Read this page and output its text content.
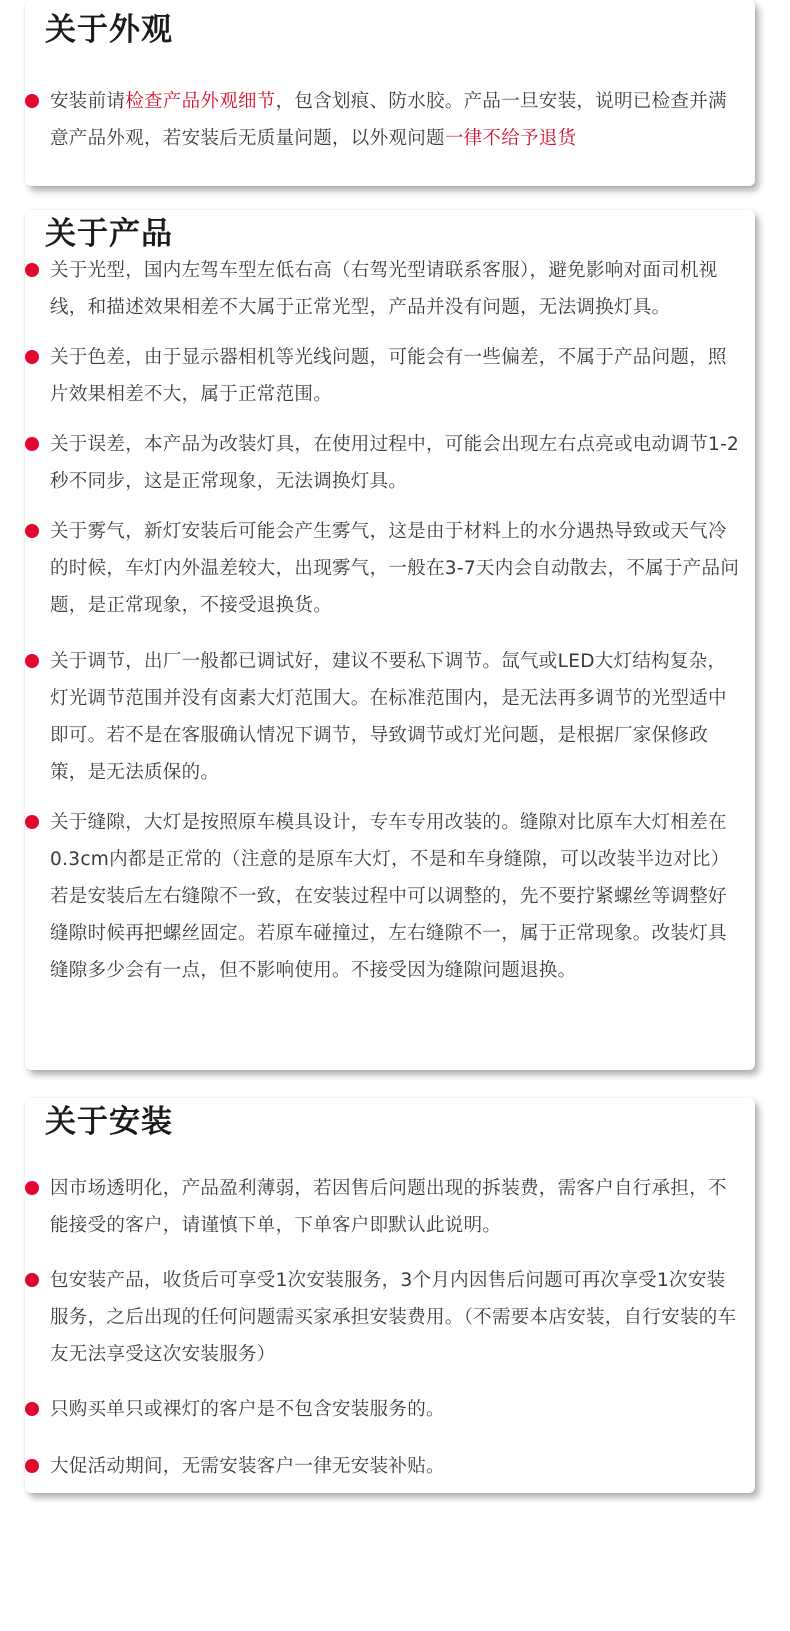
关于外观
安装前请检查产品外观细节，包含划痕、防水胶。产品一旦安装，说明已检查并满意产品外观，若安装后无质量问题，以外观问题一律不给予退货
关于产品
关于光型，国内左驾车型左低右高（右驾光型请联系客服），避免影响对面司机视线，和描述效果相差不大属于正常光型，产品并没有问题，无法调换灯具。
关于色差，由于显示器相机等光线问题，可能会有一些偏差，不属于产品问题，照片效果相差不大，属于正常范围。
关于误差，本产品为改装灯具，在使用过程中，可能会出现左右点亮或电动调节1-2秒不同步，这是正常现象，无法调换灯具。
关于雾气，新灯安装后可能会产生雾气，这是由于材料上的水分遇热导致或天气冷的时候，车灯内外温差较大，出现雾气，一般在3-7天内会自动散去，不属于产品问题，是正常现象，不接受退换货。
关于调节，出厂一般都已调试好，建议不要私下调节。氙气或LED大灯结构复杂，灯光调节范围并没有卤素大灯范围大。在标准范围内，是无法再多调节的光型适中即可。若不是在客服确认情况下调节，导致调节或灯光问题，是根据厂家保修政策，是无法质保的。
关于缝隙，大灯是按照原车模具设计，专车专用改装的。缝隙对比原车大灯相差在0.3cm内都是正常的（注意的是原车大灯，不是和车身缝隙，可以改装半边对比）若是安装后左右缝隙不一致，在安装过程中可以调整的，先不要拧紧螺丝等调整好缝隙时候再把螺丝固定。若原车碰撞过，左右缝隙不一，属于正常现象。改装灯具缝隙多少会有一点，但不影响使用。不接受因为缝隙问题退换。
关于安装
因市场透明化，产品盈利薄弱，若因售后问题出现的拆装费，需客户自行承担，不能接受的客户，请谨慎下单，下单客户即默认此说明。
包安装产品，收货后可享受1次安装服务，3个月内因售后问题可再次享受1次安装服务，之后出现的任何问题需买家承担安装费用。（不需要本店安装，自行安装的车友无法享受这次安装服务）
只购买单只或裸灯的客户是不包含安装服务的。
大促活动期间，无需安装客户一律无安装补贴。
